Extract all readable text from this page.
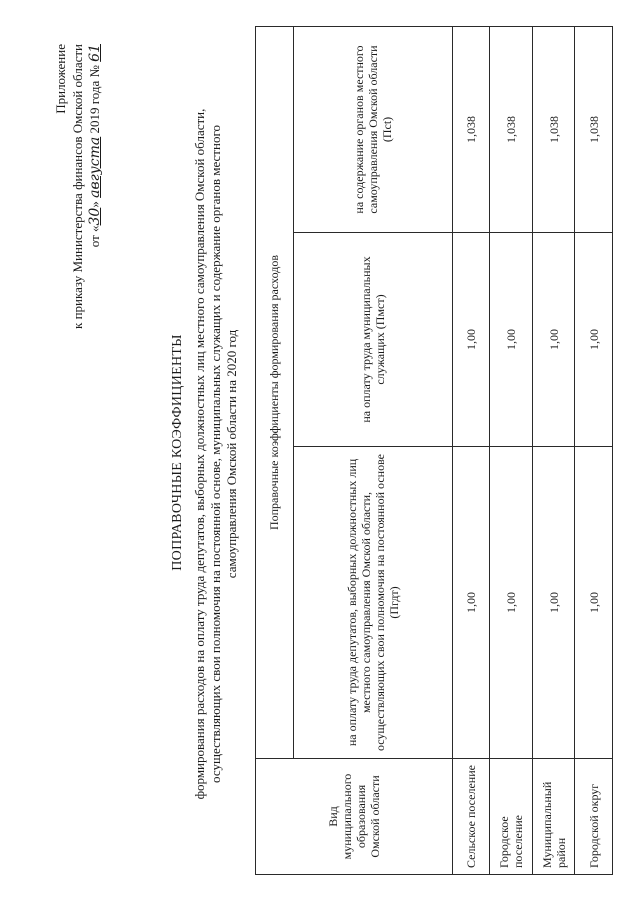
Приложение к приказу Министерства финансов Омской области от «30» августа 2019 года № 61
ПОПРАВОЧНЫЕ КОЭФФИЦИЕНТЫ формирования расходов на оплату труда депутатов, выборных должностных лиц местного самоуправления Омской области, осуществляющих свои полномочия на постоянной основе, муниципальных служащих и содержание органов местного самоуправления Омской области на 2020 год
Вид муниципального образования Омской области	Поправочные коэффициенты формирования расходов		
	на оплату труда депутатов, выборных должностных лиц местного самоуправления Омской области, осуществляющих свои полномочия на постоянной основе (Пгдт)	на оплату труда муниципальных служащих (Пмст)	на содержание органов местного самоуправления Омской области (Псt)
Сельское поселение	1,00	1,00	1,038
Городское поселение	1,00	1,00	1,038
Муниципальный район	1,00	1,00	1,038
Городской округ	1,00	1,00	1,038
